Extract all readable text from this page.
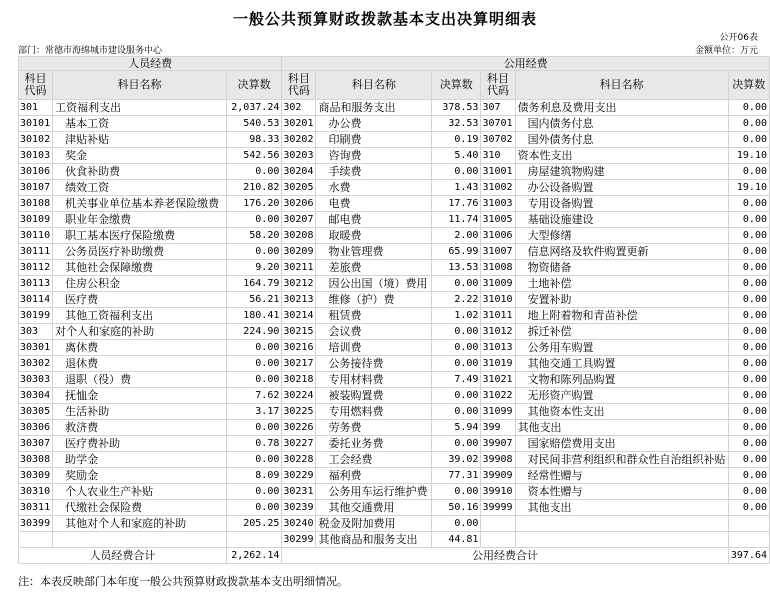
一般公共预算财政拨款基本支出决算明细表
公开06表
部门：常德市海绵城市建设服务中心	金额单位：万元
人员经费			公用经费					
科目代码	科目名称	决算数	科目代码	科目名称	决算数	科目代码	科目名称	决算数
301	工资福利支出	2,037.24	302	商品和服务支出	378.53	307	债务利息及费用支出	0.00
30101	基本工资	540.53	30201	办公费	32.53	30701	国内债务付息	0.00
30102	津贴补贴	98.33	30202	印刷费	0.19	30702	国外债务付息	0.00
30103	奖金	542.56	30203	咨询费	5.40	310	资本性支出	19.10
30106	伙食补助费	0.00	30204	手续费	0.00	31001	房屋建筑物购建	0.00
30107	绩效工资	210.82	30205	水费	1.43	31002	办公设备购置	19.10
30108	机关事业单位基本养老保险缴费	176.20	30206	电费	17.76	31003	专用设备购置	0.00
30109	职业年金缴费	0.00	30207	邮电费	11.74	31005	基础设施建设	0.00
30110	职工基本医疗保险缴费	58.20	30208	取暖费	2.00	31006	大型修缮	0.00
30111	公务员医疗补助缴费	0.00	30209	物业管理费	65.99	31007	信息网络及软件购置更新	0.00
30112	其他社会保障缴费	9.20	30211	差旅费	13.53	31008	物资储备	0.00
30113	住房公积金	164.79	30212	因公出国（境）费用	0.00	31009	土地补偿	0.00
30114	医疗费	56.21	30213	维修（护）费	2.22	31010	安置补助	0.00
30199	其他工资福利支出	180.41	30214	租赁费	1.02	31011	地上附着物和青苗补偿	0.00
303	对个人和家庭的补助	224.90	30215	会议费	0.00	31012	拆迁补偿	0.00
30301	离休费	0.00	30216	培训费	0.00	31013	公务用车购置	0.00
30302	退休费	0.00	30217	公务接待费	0.00	31019	其他交通工具购置	0.00
30303	退职（役）费	0.00	30218	专用材料费	7.49	31021	文物和陈列品购置	0.00
30304	抚恤金	7.62	30224	被装购置费	0.00	31022	无形资产购置	0.00
30305	生活补助	3.17	30225	专用燃料费	0.00	31099	其他资本性支出	0.00
30306	救济费	0.00	30226	劳务费	5.94	399	其他支出	0.00
30307	医疗费补助	0.78	30227	委托业务费	0.00	39907	国家赔偿费用支出	0.00
30308	助学金	0.00	30228	工会经费	39.02	39908	对民间非营利组织和群众性自治组织补贴	0.00
30309	奖励金	8.09	30229	福利费	77.31	39909	经常性赠与	0.00
30310	个人农业生产补贴	0.00	30231	公务用车运行维护费	0.00	39910	资本性赠与	0.00
30311	代缴社会保险费	0.00	30239	其他交通费用	50.16	39999	其他支出	0.00
30399	其他对个人和家庭的补助	205.25	30240	税金及附加费用	0.00			
			30299	其他商品和服务支出	44.81			
人员经费合计		2,262.14	公用经费合计					397.64
注：本表反映部门本年度一般公共预算财政拨款基本支出明细情况。
